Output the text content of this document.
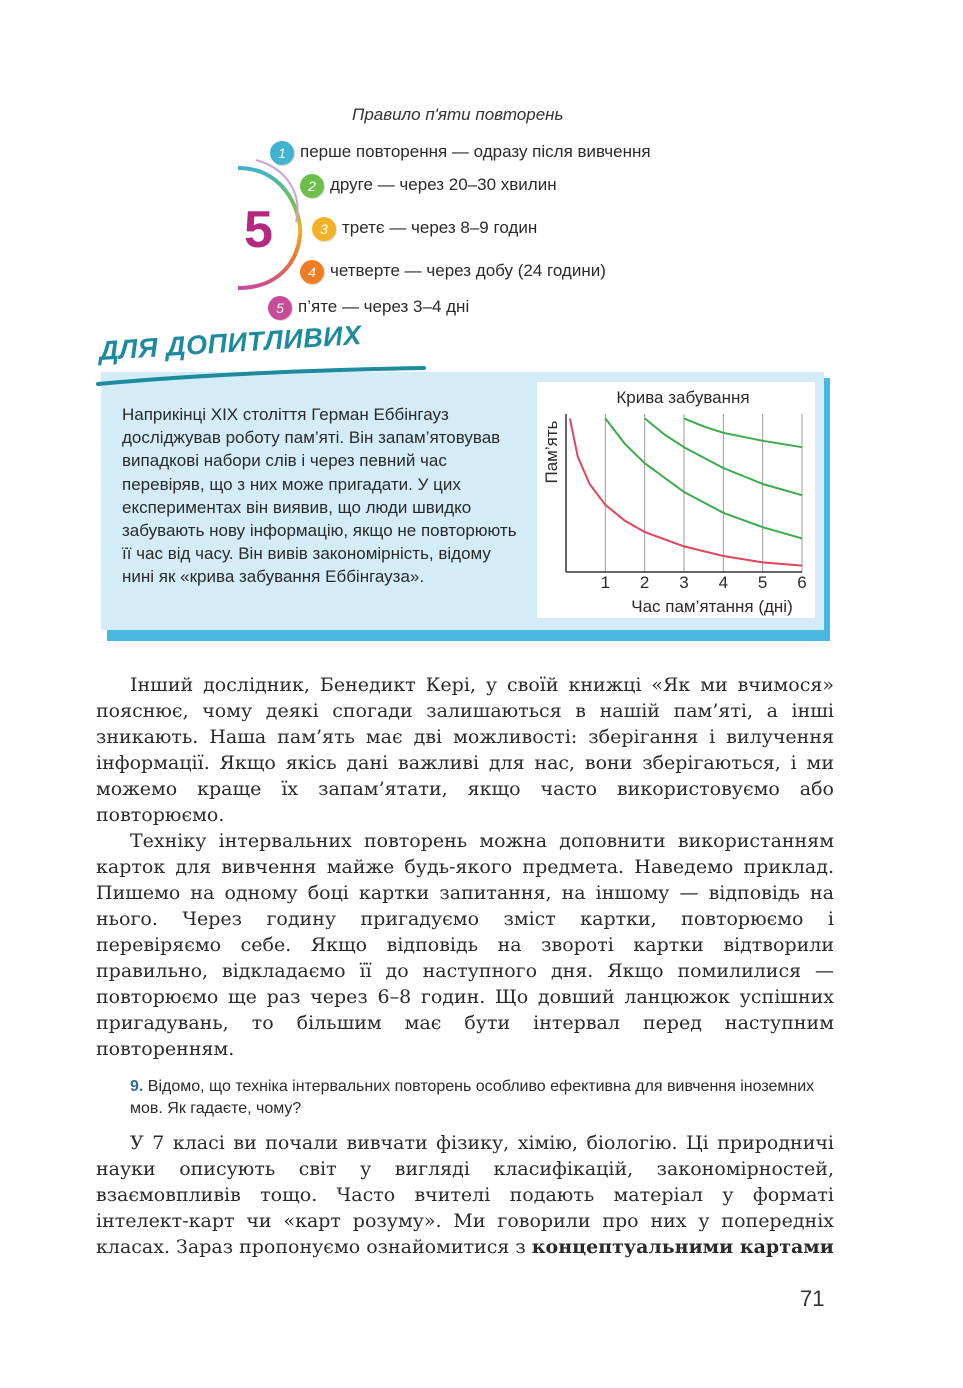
Правило п'яти повторень
5
1 перше повторення — одразу після вивчення
2 друге — через 20–30 хвилин
3 третє — через 8–9 годин
4 четверте — через добу (24 години)
5 п’яте — через 3–4 дні
ДЛЯ ДОПИТЛИВИХ
Наприкінці XIX століття Герман Еббінгауз досліджував роботу пам’яті. Він запам’ятовував випадкові набори слів і через певний час перевіряв, що з них може пригадати. У цих експериментах він виявив, що люди швидко забувають нову інформацію, якщо не повторюють її час від часу. Він вивів закономірність, відому нині як «крива забування Еббінгауза».
Крива забування
Пам’ять
Час пам’ятання (дні)
1 2 3 4 5 6

Інший дослідник, Бенедикт Кері, у своїй книжці «Як ми вчимося» пояснює, чому деякі спогади залишаються в нашій пам’яті, а інші зникають. Наша пам’ять має дві можливості: зберігання і вилучення інформації. Якщо якісь дані важливі для нас, вони зберігаються, і ми можемо краще їх запам’ятати, якщо часто використовуємо або повторюємо.

Техніку інтервальних повторень можна доповнити використанням карток для вивчення майже будь-якого предмета. Наведемо приклад. Пишемо на одному боці картки запитання, на іншому — відповідь на нього. Через годину пригадуємо зміст картки, повторюємо і перевіряємо себе. Якщо відповідь на звороті картки відтворили правильно, відкладаємо її до наступного дня. Якщо помилилися — повторюємо ще раз через 6–8 годин. Що довший ланцюжок успішних пригадувань, то більшим має бути інтервал перед наступним повторенням.

9. Відомо, що техніка інтервальних повторень особливо ефективна для вивчення іноземних мов. Як гадаєте, чому?

У 7 класі ви почали вивчати фізику, хімію, біологію. Ці природничі науки описують світ у вигляді класифікацій, закономірностей, взаємовпливів тощо. Часто вчителі подають матеріал у форматі інтелект-карт чи «карт розуму». Ми говорили про них у попередніх класах. Зараз пропонуємо ознайомитися з концептуальними картами

71
